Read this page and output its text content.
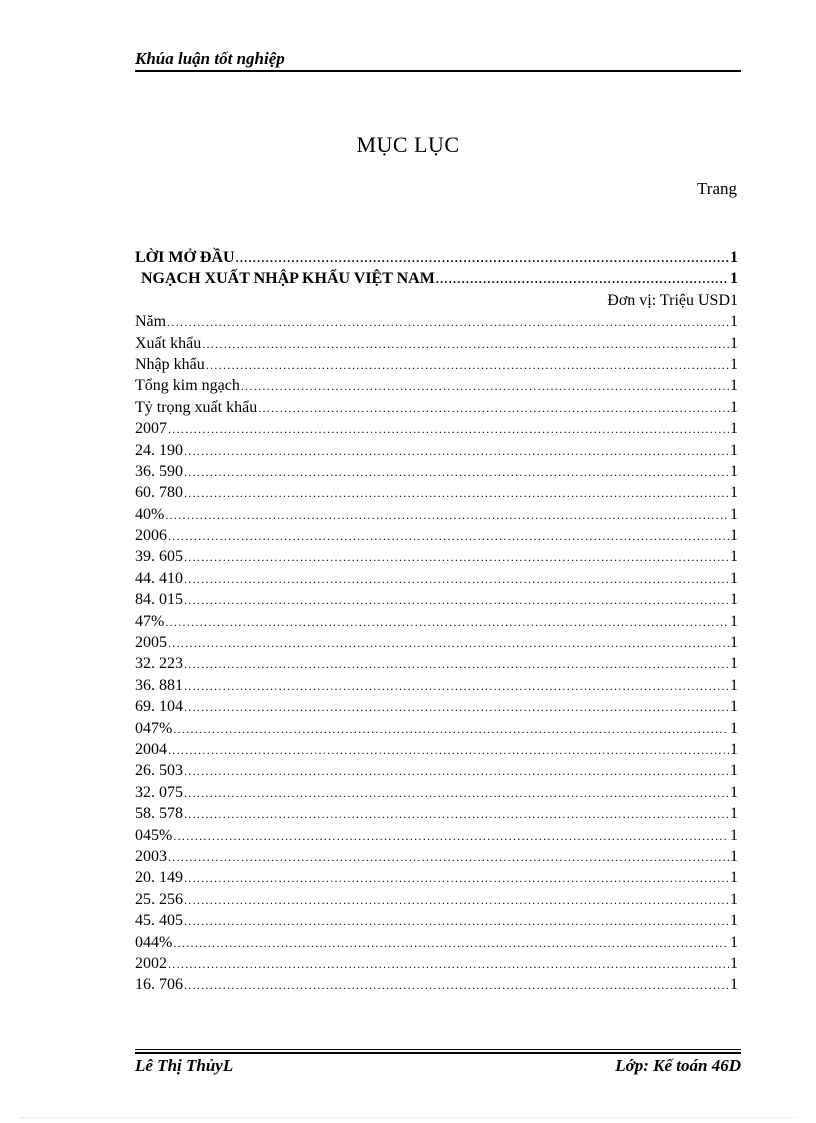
Khúa luận tốt nghiệp
MỤC LỤC
Trang
LỜI MỞ ĐẦU .....	1
NGẠCH XUẤT NHẬP KHẨU VIỆT NAM .....	1
Đơn vị: Triệu USD 1
Năm .....	1
Xuất khẩu .....	1
Nhập khẩu .....	1
Tổng kim ngạch .....	1
Tỷ trọng xuất khẩu .....	1
2007 .....	1
24. 190 .....	1
36. 590 .....	1
60. 780 .....	1
40% .....	1
2006 .....	1
39. 605 .....	1
44. 410 .....	1
84. 015 .....	1
47% .....	1
2005 .....	1
32. 223 .....	1
36. 881 .....	1
69. 104 .....	1
047% .....	1
2004 .....	1
26. 503 .....	1
32. 075 .....	1
58. 578 .....	1
045% .....	1
2003 .....	1
20. 149 .....	1
25. 256 .....	1
45. 405 .....	1
044% .....	1
2002 .....	1
16. 706 .....	1
Lê Thị ThủyL	Lớp: Kế toán 46D
